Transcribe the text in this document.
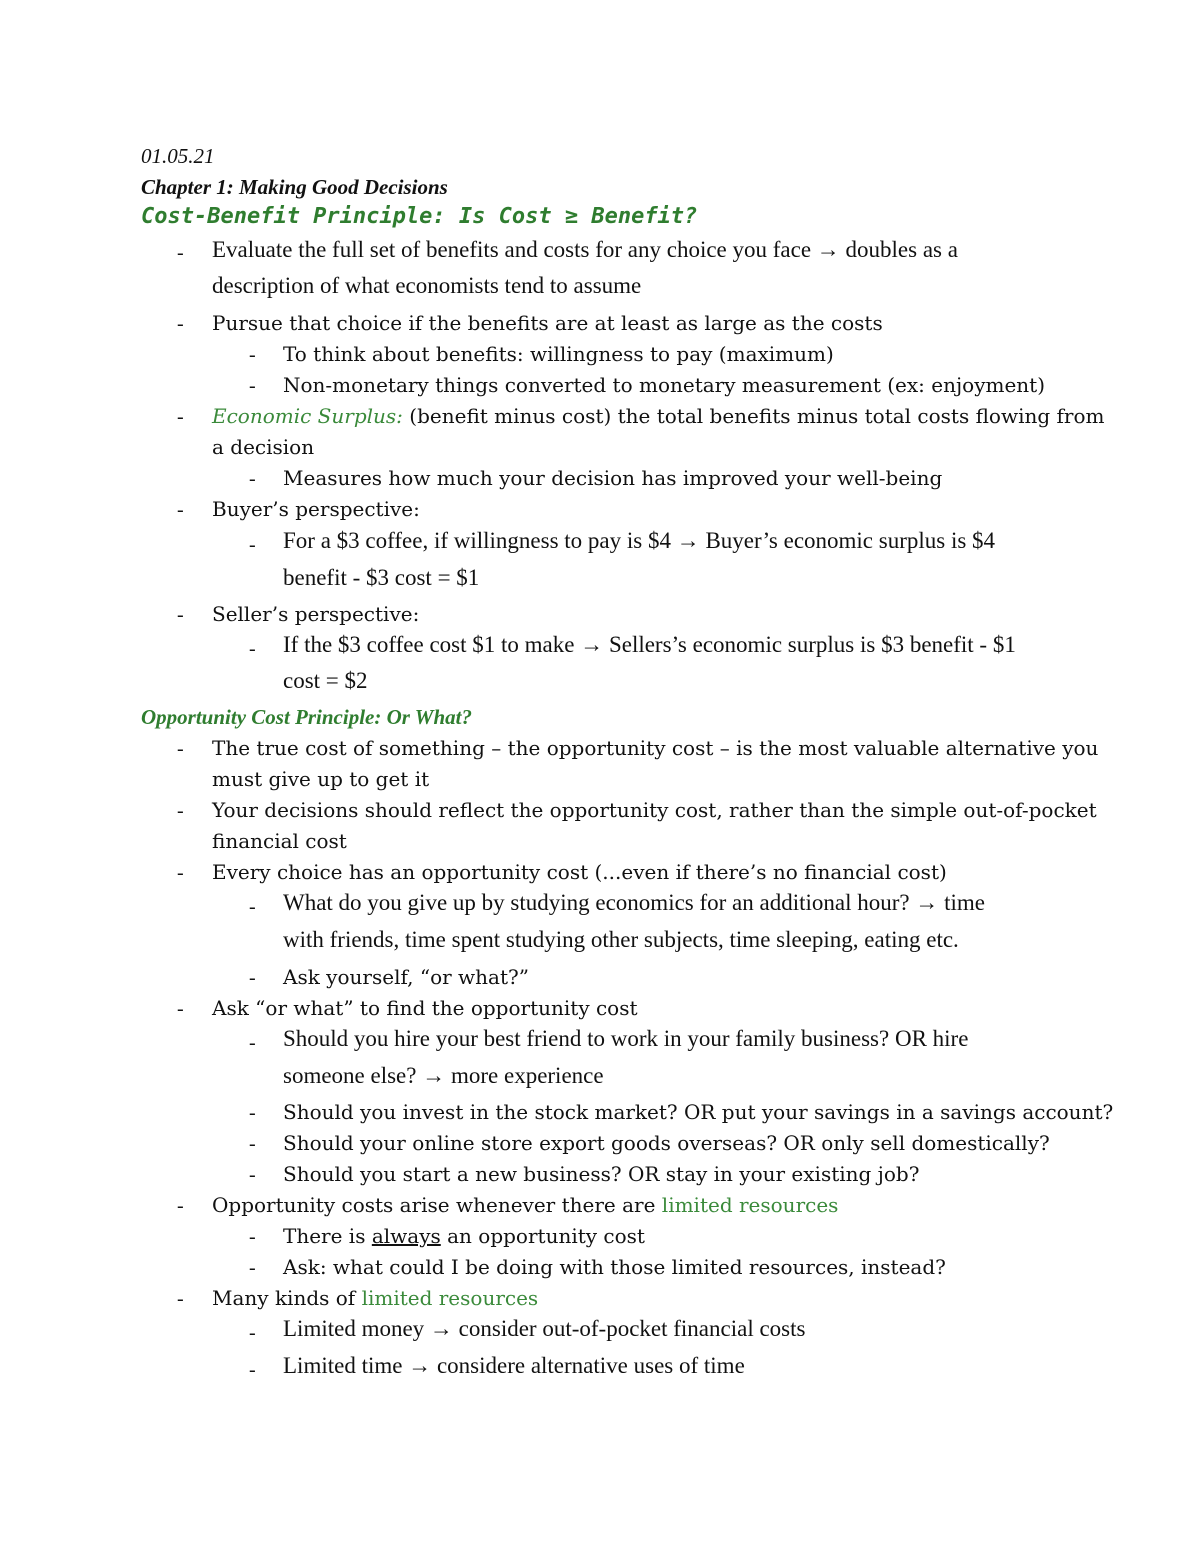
01.05.21
Chapter 1: Making Good Decisions
Cost-Benefit Principle: Is Cost ≥ Benefit?
- Evaluate the full set of benefits and costs for any choice you face → doubles as a
description of what economists tend to assume
- Pursue that choice if the benefits are at least as large as the costs
- To think about benefits: willingness to pay (maximum)
- Non-monetary things converted to monetary measurement (ex: enjoyment)
- Economic Surplus: (benefit minus cost) the total benefits minus total costs flowing from
a decision
- Measures how much your decision has improved your well-being
- Buyer’s perspective:
- For a $3 coffee, if willingness to pay is $4 → Buyer’s economic surplus is $4
benefit - $3 cost = $1
- Seller’s perspective:
- If the $3 coffee cost $1 to make → Sellers’s economic surplus is $3 benefit - $1
cost = $2
Opportunity Cost Principle: Or What?
- The true cost of something – the opportunity cost – is the most valuable alternative you
must give up to get it
- Your decisions should reflect the opportunity cost, rather than the simple out-of-pocket
financial cost
- Every choice has an opportunity cost (...even if there’s no financial cost)
- What do you give up by studying economics for an additional hour? → time
with friends, time spent studying other subjects, time sleeping, eating etc.
- Ask yourself, “or what?”
- Ask “or what” to find the opportunity cost
- Should you hire your best friend to work in your family business? OR hire
someone else? → more experience
- Should you invest in the stock market? OR put your savings in a savings account?
- Should your online store export goods overseas? OR only sell domestically?
- Should you start a new business? OR stay in your existing job?
- Opportunity costs arise whenever there are limited resources
- There is always an opportunity cost
- Ask: what could I be doing with those limited resources, instead?
- Many kinds of limited resources
- Limited money → consider out-of-pocket financial costs
- Limited time → considere alternative uses of time
